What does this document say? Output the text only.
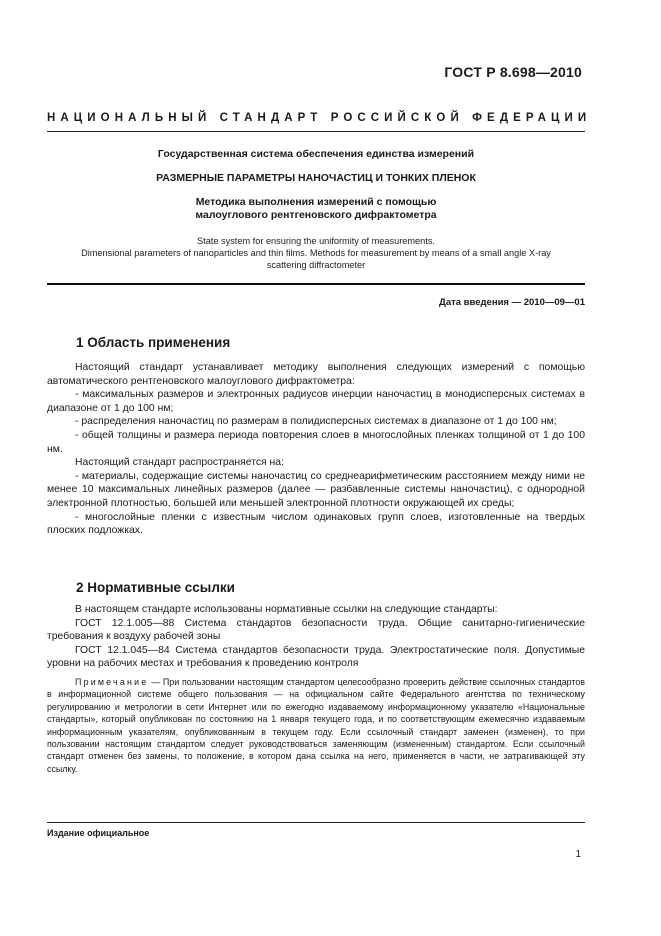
ГОСТ Р 8.698—2010
НАЦИОНАЛЬНЫЙ СТАНДАРТ РОССИЙСКОЙ ФЕДЕРАЦИИ
Государственная система обеспечения единства измерений
РАЗМЕРНЫЕ ПАРАМЕТРЫ НАНОЧАСТИЦ И ТОНКИХ ПЛЕНОК
Методика выполнения измерений с помощью
малоуглового рентгеновского дифрактометра
State system for ensuring the uniformity of measurements.
Dimensional parameters of nanoparticles and thin films. Methods for measurement by means of a small angle X-ray
scattering diffractometer
Дата введения — 2010—09—01
1 Область применения

Настоящий стандарт устанавливает методику выполнения следующих измерений с помощью автоматического рентгеновского малоуглового дифрактометра:

- максимальных размеров и электронных радиусов инерции наночастиц в монодисперсных системах в диапазоне от 1 до 100 нм;

- распределения наночастиц по размерам в полидисперсных системах в диапазоне от 1 до 100 нм;

- общей толщины и размера периода повторения слоев в многослойных пленках толщиной от 1 до 100 нм.

Настоящий стандарт распространяется на:

- материалы, содержащие системы наночастиц со среднеарифметическим расстоянием между ними не менее 10 максимальных линейных размеров (далее — разбавленные системы наночастиц), с однородной электронной плотностью, большей или меньшей электронной плотности окружающей их среды;

- многослойные пленки с известным числом одинаковых групп слоев, изготовленные на твердых плоских подложках.

2 Нормативные ссылки

В настоящем стандарте использованы нормативные ссылки на следующие стандарты:

ГОСТ 12.1.005—88 Система стандартов безопасности труда. Общие санитарно-гигиенические требования к воздуху рабочей зоны

ГОСТ 12.1.045—84 Система стандартов безопасности труда. Электростатические поля. Допустимые уровни на рабочих местах и требования к проведению контроля

Примечание — При пользовании настоящим стандартом целесообразно проверить действие ссылочных стандартов в информационной системе общего пользования — на официальном сайте Федерального агентства по техническому регулированию и метрологии в сети Интернет или по ежегодно издаваемому информационному указателю «Национальные стандарты», который опубликован по состоянию на 1 января текущего года, и по соответствующим ежемесячно издаваемым информационным указателям, опубликованным в текущем году. Если ссылочный стандарт заменен (изменен), то при пользовании настоящим стандартом следует руководствоваться заменяющим (измененным) стандартом. Если ссылочный стандарт отменен без замены, то положение, в котором дана ссылка на него, применяется в части, не затрагивающей эту ссылку.

Издание официальное
1
